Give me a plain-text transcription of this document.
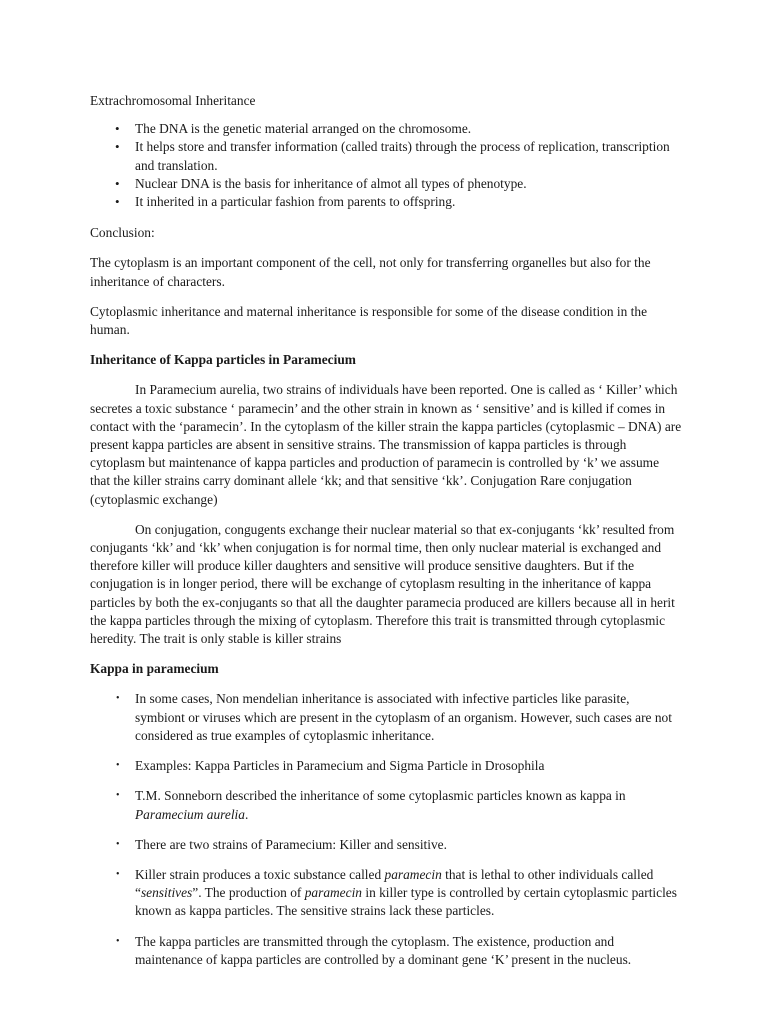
Extrachromosomal Inheritance

• The DNA is the genetic material arranged on the chromosome.
• It helps store and transfer information (called traits) through the process of replication, transcription and translation.
• Nuclear DNA is the basis for inheritance of almot all types of phenotype.
• It inherited in a particular fashion from parents to offspring.

Conclusion:

The cytoplasm is an important component of the cell, not only for transferring organelles but also for the inheritance of characters.

Cytoplasmic inheritance and maternal inheritance is responsible for some of the disease condition in the human.

Inheritance of Kappa particles in Paramecium

In Paramecium aurelia, two strains of individuals have been reported. One is called as ‘ Killer’ which secretes a toxic substance ‘ paramecin’ and the other strain in known as ‘ sensitive’ and is killed if comes in contact with the ‘paramecin’. In the cytoplasm of the killer strain the kappa particles (cytoplasmic – DNA) are present kappa particles are absent in sensitive strains. The transmission of kappa particles is through cytoplasm but maintenance of kappa particles and production of paramecin is controlled by ‘k’ we assume that the killer strains carry dominant allele ‘kk; and that sensitive ‘kk’. Conjugation Rare conjugation (cytoplasmic exchange)

On conjugation, congugents exchange their nuclear material so that ex-conjugants ‘kk’ resulted from conjugants ‘kk’ and ‘kk’ when conjugation is for normal time, then only nuclear material is exchanged and therefore killer will produce killer daughters and sensitive will produce sensitive daughters. But if the conjugation is in longer period, there will be exchange of cytoplasm resulting in the inheritance of kappa particles by both the ex-conjugants so that all the daughter paramecia produced are killers because all in herit the kappa particles through the mixing of cytoplasm. Therefore this trait is transmitted through cytoplasmic heredity. The trait is only stable is killer strains

Kappa in paramecium
• In some cases, Non mendelian inheritance is associated with infective particles like parasite, symbiont or viruses which are present in the cytoplasm of an organism. However, such cases are not considered as true examples of cytoplasmic inheritance.
• Examples: Kappa Particles in Paramecium and Sigma Particle in Drosophila
• T.M. Sonneborn described the inheritance of some cytoplasmic particles known as kappa in Paramecium aurelia.
• There are two strains of Paramecium: Killer and sensitive.
• Killer strain produces a toxic substance called paramecin that is lethal to other individuals called “sensitives”. The production of paramecin in killer type is controlled by certain cytoplasmic particles known as kappa particles. The sensitive strains lack these particles.
• The kappa particles are transmitted through the cytoplasm. The existence, production and maintenance of kappa particles are controlled by a dominant gene ‘K’ present in the nucleus.
